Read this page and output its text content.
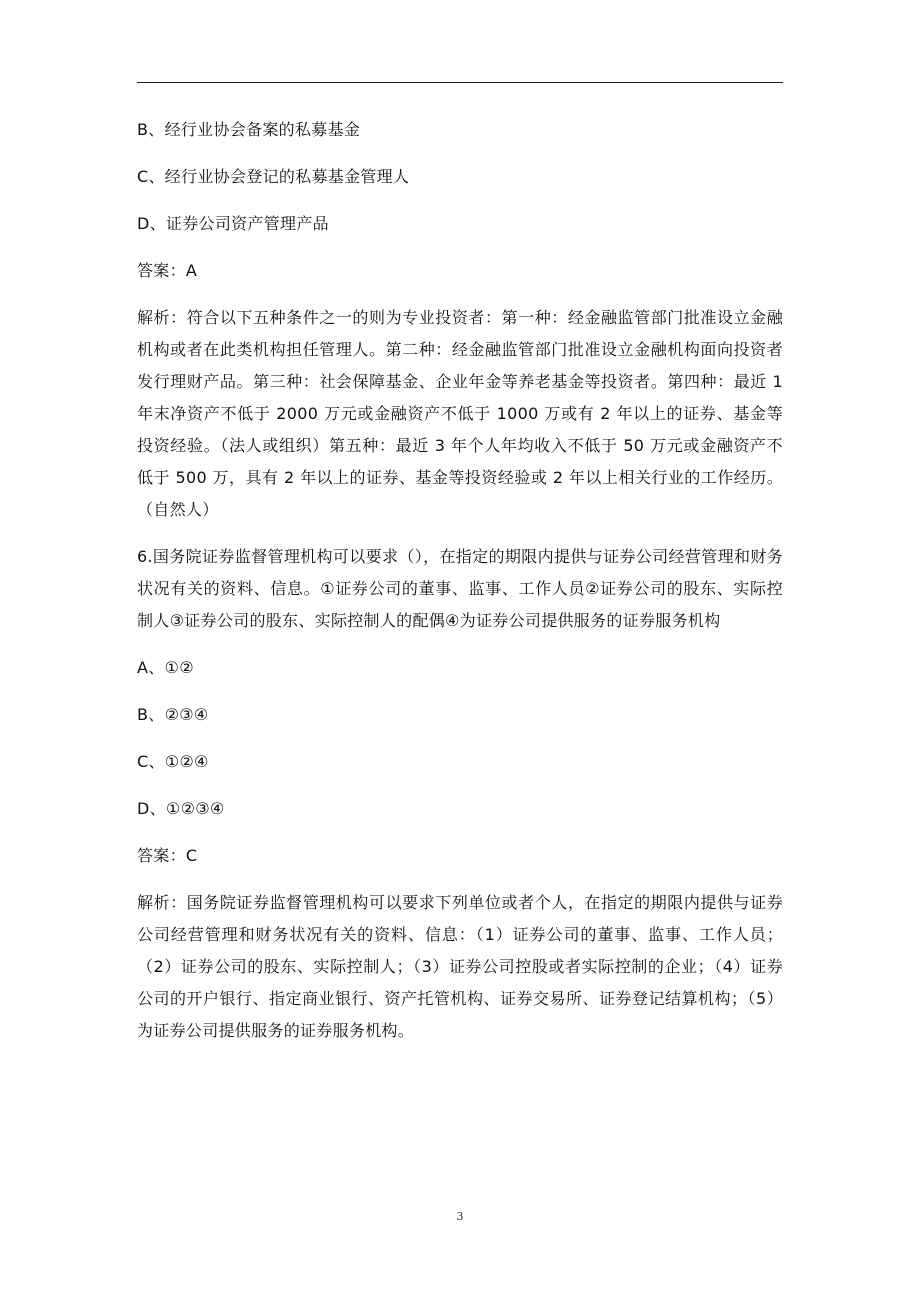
B、经行业协会备案的私募基金
C、经行业协会登记的私募基金管理人
D、证券公司资产管理产品
答案：A
解析：符合以下五种条件之一的则为专业投资者：第一种：经金融监管部门批准设立金融机构或者在此类机构担任管理人。第二种：经金融监管部门批准设立金融机构面向投资者发行理财产品。第三种：社会保障基金、企业年金等养老基金等投资者。第四种：最近 1 年末净资产不低于 2000 万元或金融资产不低于 1000 万或有 2 年以上的证券、基金等投资经验。（法人或组织）第五种：最近 3 年个人年均收入不低于 50 万元或金融资产不低于 500 万，具有 2 年以上的证券、基金等投资经验或 2 年以上相关行业的工作经历。（自然人）
6.国务院证券监督管理机构可以要求（），在指定的期限内提供与证券公司经营管理和财务状况有关的资料、信息。①证券公司的董事、监事、工作人员②证券公司的股东、实际控制人③证券公司的股东、实际控制人的配偶④为证券公司提供服务的证券服务机构
A、①②
B、②③④
C、①②④
D、①②③④
答案：C
解析：国务院证券监督管理机构可以要求下列单位或者个人，在指定的期限内提供与证券公司经营管理和财务状况有关的资料、信息：（1）证券公司的董事、监事、工作人员；（2）证券公司的股东、实际控制人；（3）证券公司控股或者实际控制的企业；（4）证券公司的开户银行、指定商业银行、资产托管机构、证券交易所、证券登记结算机构；（5）为证券公司提供服务的证券服务机构。
3
